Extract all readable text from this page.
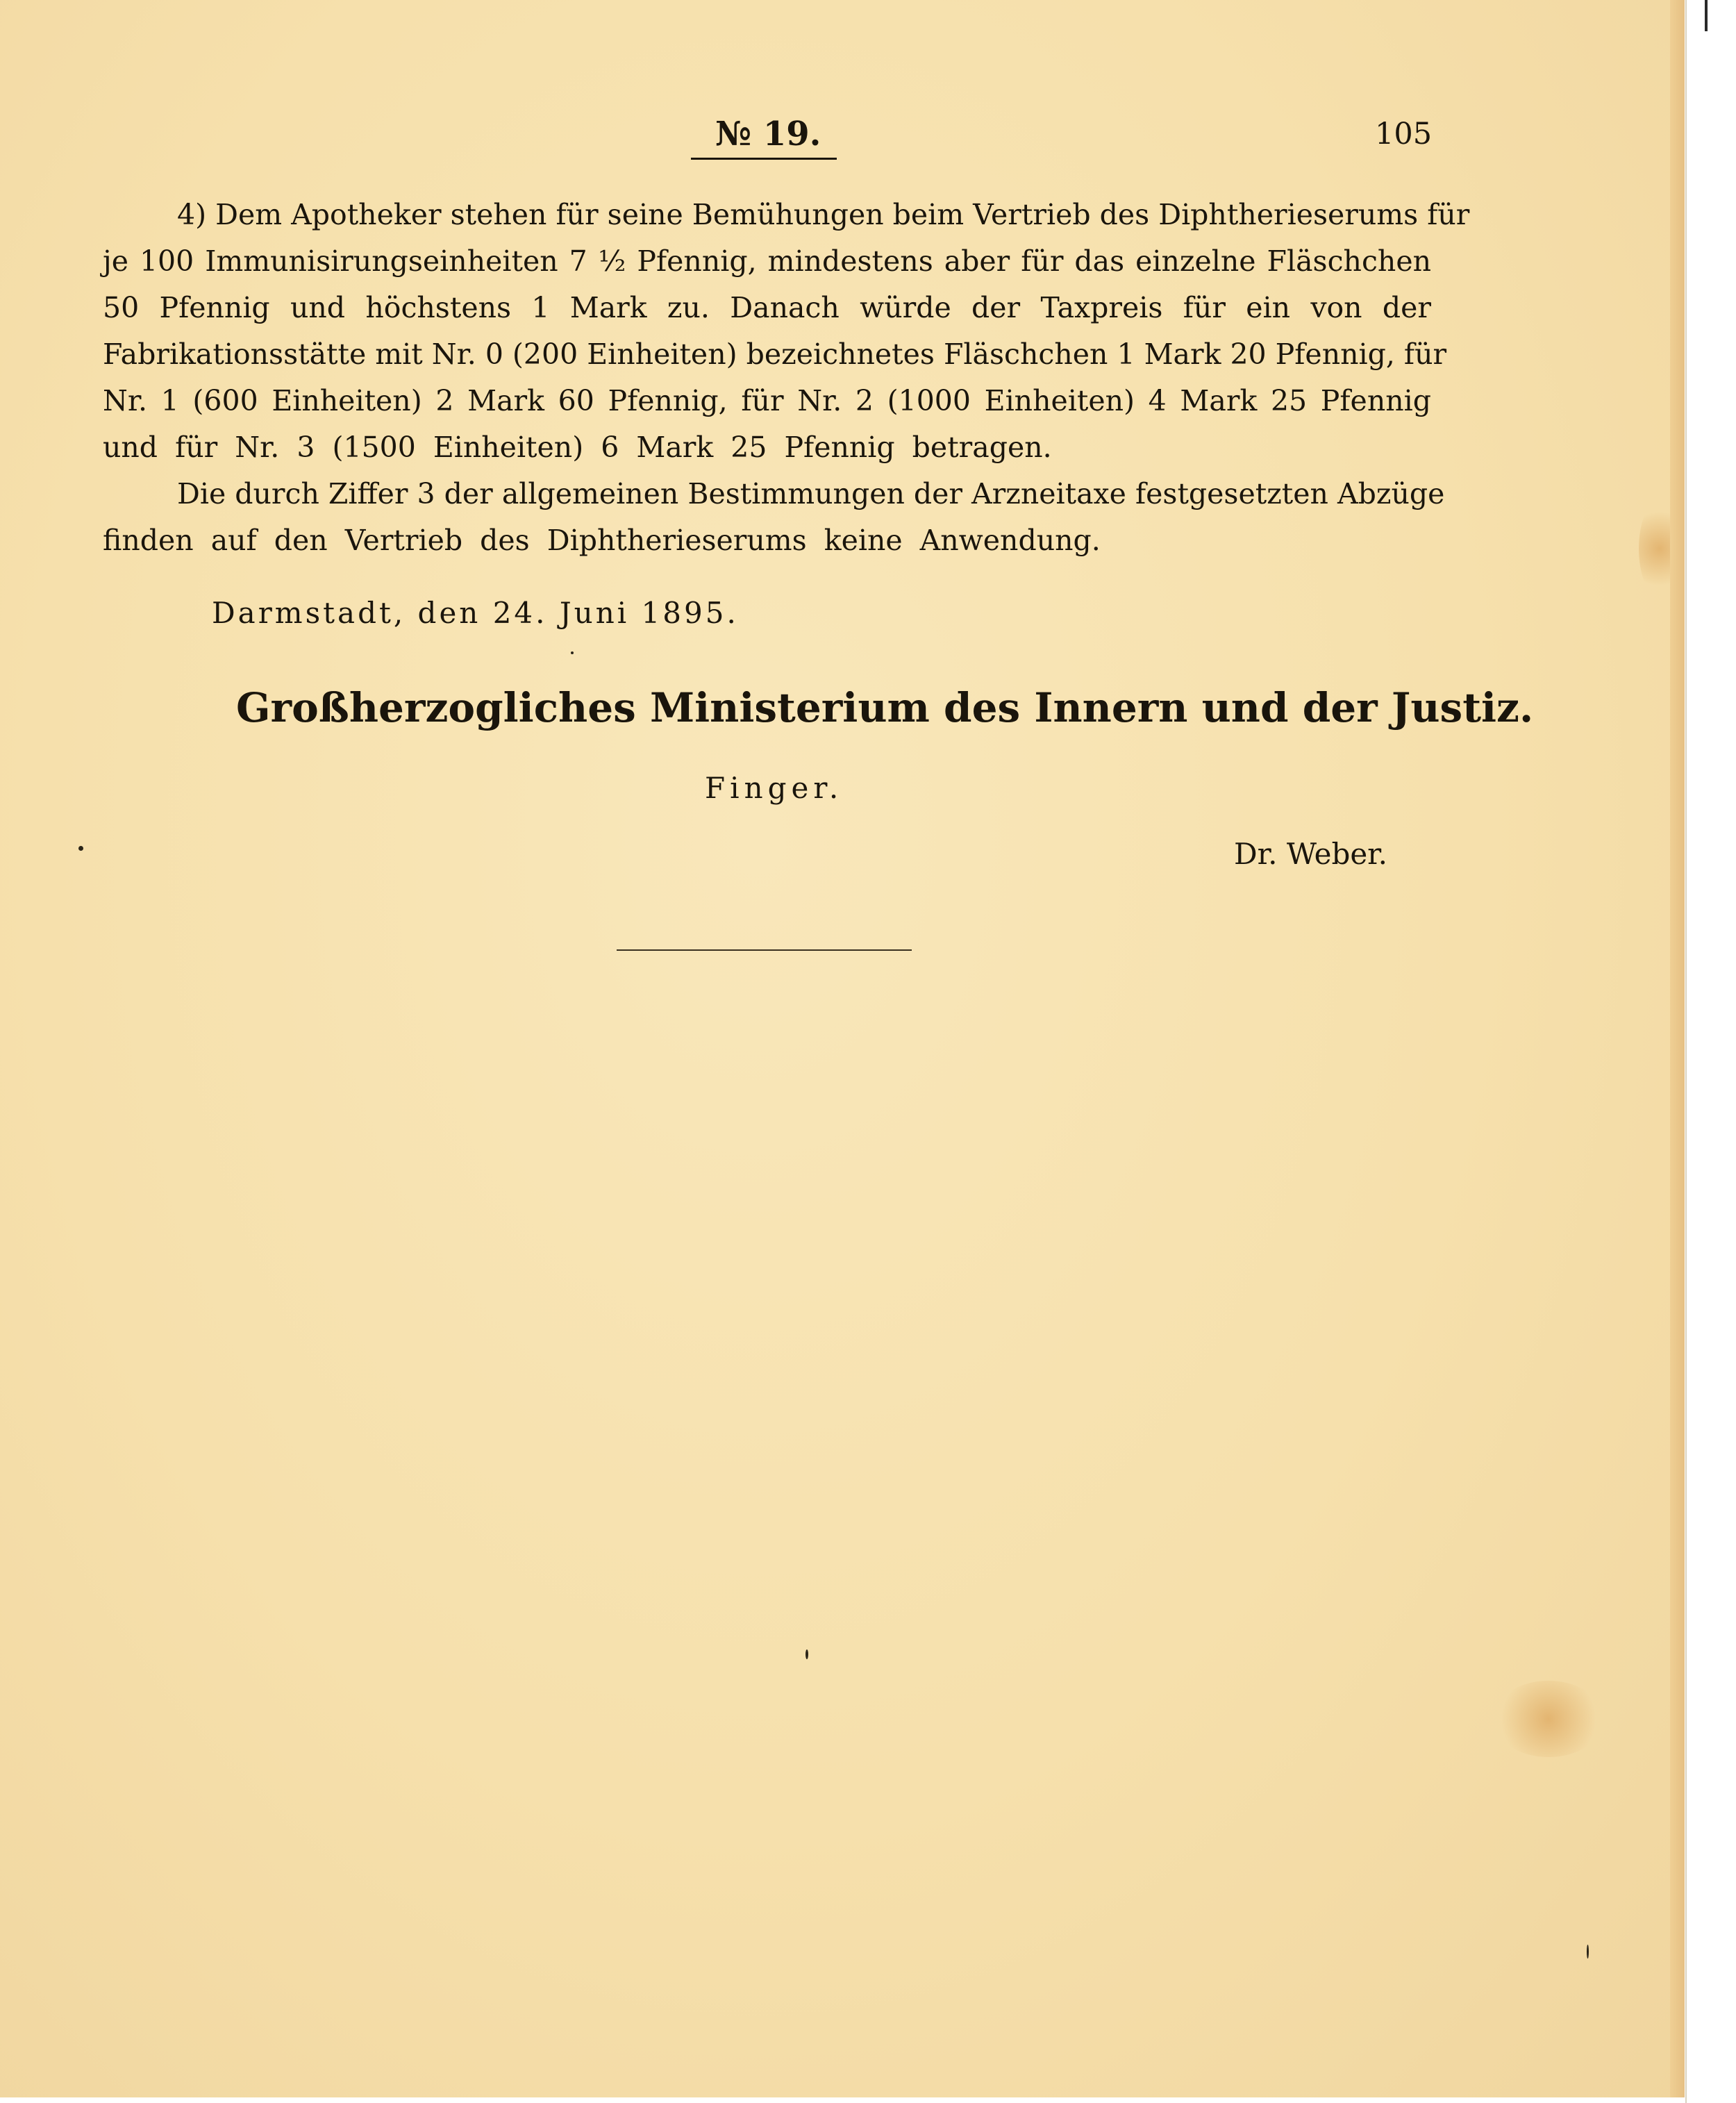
№ 19.	105
4) Dem Apotheker stehen für seine Bemühungen beim Vertrieb des Diphtherieserums für
je 100 Immunisirungseinheiten 7 ½ Pfennig, mindestens aber für das einzelne Fläschchen
50 Pfennig und höchstens 1 Mark zu. Danach würde der Taxpreis für ein von der
Fabrikationsstätte mit Nr. 0 (200 Einheiten) bezeichnetes Fläschchen 1 Mark 20 Pfennig, für
Nr. 1 (600 Einheiten) 2 Mark 60 Pfennig, für Nr. 2 (1000 Einheiten) 4 Mark 25 Pfennig
und für Nr. 3 (1500 Einheiten) 6 Mark 25 Pfennig betragen.
Die durch Ziffer 3 der allgemeinen Bestimmungen der Arzneitaxe festgesetzten Abzüge
finden auf den Vertrieb des Diphtherieserums keine Anwendung.
Darmstadt, den 24. Juni 1895.
Großherzogliches Ministerium des Innern und der Justiz.
Finger.
Dr. Weber.
